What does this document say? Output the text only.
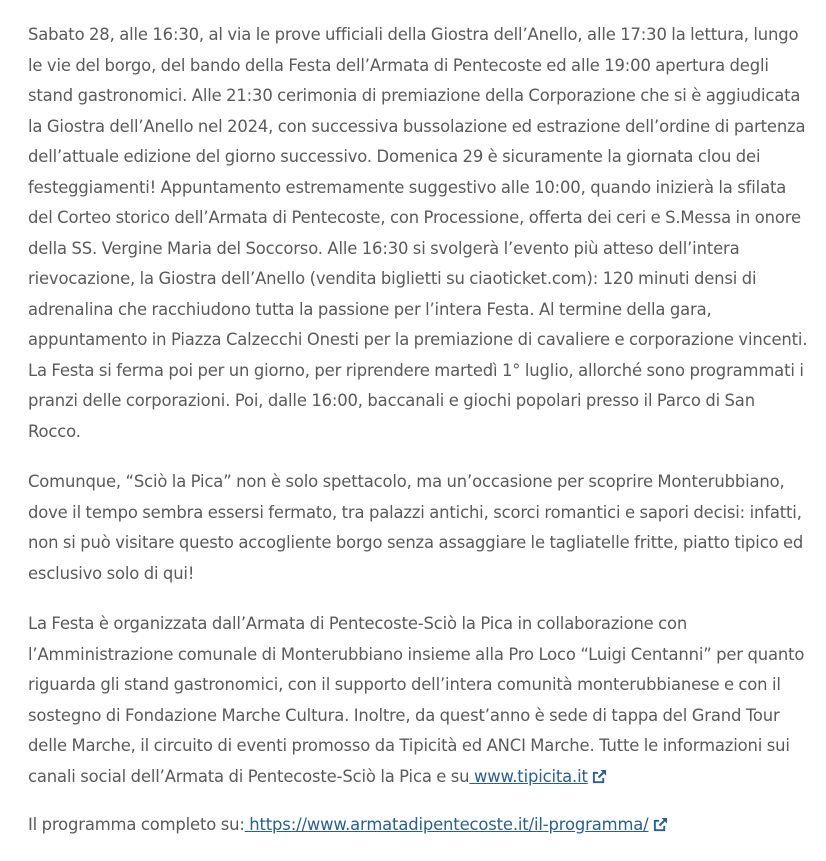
Sabato 28, alle 16:30, al via le prove ufficiali della Giostra dell’Anello, alle 17:30 la lettura, lungo le vie del borgo, del bando della Festa dell’Armata di Pentecoste ed alle 19:00 apertura degli stand gastronomici. Alle 21:30 cerimonia di premiazione della Corporazione che si è aggiudicata la Giostra dell’Anello nel 2024, con successiva bussolazione ed estrazione dell’ordine di partenza dell’attuale edizione del giorno successivo. Domenica 29 è sicuramente la giornata clou dei festeggiamenti! Appuntamento estremamente suggestivo alle 10:00, quando inizierà la sfilata del Corteo storico dell’Armata di Pentecoste, con Processione, offerta dei ceri e S.Messa in onore della SS. Vergine Maria del Soccorso. Alle 16:30 si svolgerà l’evento più atteso dell’intera rievocazione, la Giostra dell’Anello (vendita biglietti su ciaoticket.com): 120 minuti densi di adrenalina che racchiudono tutta la passione per l’intera Festa. Al termine della gara, appuntamento in Piazza Calzecchi Onesti per la premiazione di cavaliere e corporazione vincenti. La Festa si ferma poi per un giorno, per riprendere martedì 1° luglio, allorché sono programmati i pranzi delle corporazioni. Poi, dalle 16:00, baccanali e giochi popolari presso il Parco di San Rocco.

Comunque, “Sciò la Pica” non è solo spettacolo, ma un’occasione per scoprire Monterubbiano, dove il tempo sembra essersi fermato, tra palazzi antichi, scorci romantici e sapori decisi: infatti, non si può visitare questo accogliente borgo senza assaggiare le tagliatelle fritte, piatto tipico ed esclusivo solo di qui!

La Festa è organizzata dall’Armata di Pentecoste-Sciò la Pica in collaborazione con l’Amministrazione comunale di Monterubbiano insieme alla Pro Loco “Luigi Centanni” per quanto riguarda gli stand gastronomici, con il supporto dell’intera comunità monterubbianese e con il sostegno di Fondazione Marche Cultura. Inoltre, da quest’anno è sede di tappa del Grand Tour delle Marche, il circuito di eventi promosso da Tipicità ed ANCI Marche. Tutte le informazioni sui canali social dell’Armata di Pentecoste-Sciò la Pica e su www.tipicita.it

Il programma completo su: https://www.armatadipentecoste.it/il-programma/
